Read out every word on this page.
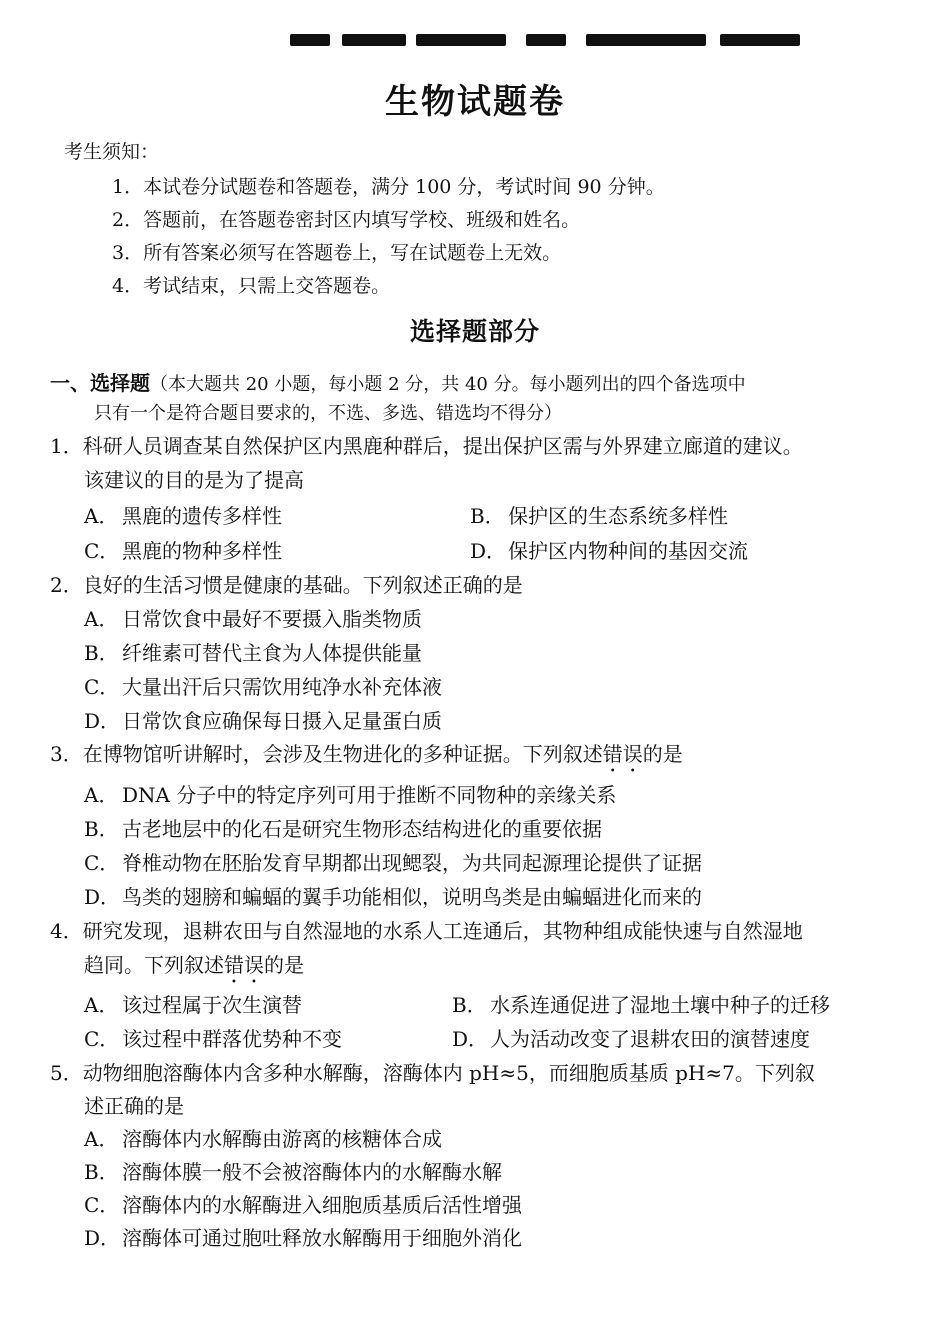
生物试题卷
考生须知：
1．本试卷分试题卷和答题卷，满分 100 分，考试时间 90 分钟。
2．答题前，在答题卷密封区内填写学校、班级和姓名。
3．所有答案必须写在答题卷上，写在试题卷上无效。
4．考试结束，只需上交答题卷。
选择题部分
一、选择题（本大题共 20 小题，每小题 2 分，共 40 分。每小题列出的四个备选项中
只有一个是符合题目要求的，不选、多选、错选均不得分）
1．科研人员调查某自然保护区内黑鹿种群后，提出保护区需与外界建立廊道的建议。
该建议的目的是为了提高
A． 黑鹿的遗传多样性	B． 保护区的生态系统多样性
C． 黑鹿的物种多样性	D．保护区内物种间的基因交流
2．良好的生活习惯是健康的基础。下列叙述正确的是
A． 日常饮食中最好不要摄入脂类物质
B． 纤维素可替代主食为人体提供能量
C． 大量出汗后只需饮用纯净水补充体液
D．日常饮食应确保每日摄入足量蛋白质
3．在博物馆听讲解时，会涉及生物进化的多种证据。下列叙述错误的是
A． DNA 分子中的特定序列可用于推断不同物种的亲缘关系
B． 古老地层中的化石是研究生物形态结构进化的重要依据
C． 脊椎动物在胚胎发育早期都出现鳃裂，为共同起源理论提供了证据
D．鸟类的翅膀和蝙蝠的翼手功能相似，说明鸟类是由蝙蝠进化而来的
4．研究发现，退耕农田与自然湿地的水系人工连通后，其物种组成能快速与自然湿地
趋同。下列叙述错误的是
A． 该过程属于次生演替	B． 水系连通促进了湿地土壤中种子的迁移
C． 该过程中群落优势种不变	D．人为活动改变了退耕农田的演替速度
5．动物细胞溶酶体内含多种水解酶，溶酶体内 pH≈5，而细胞质基质 pH≈7。下列叙
述正确的是
A． 溶酶体内水解酶由游离的核糖体合成
B． 溶酶体膜一般不会被溶酶体内的水解酶水解
C． 溶酶体内的水解酶进入细胞质基质后活性增强
D．溶酶体可通过胞吐释放水解酶用于细胞外消化
